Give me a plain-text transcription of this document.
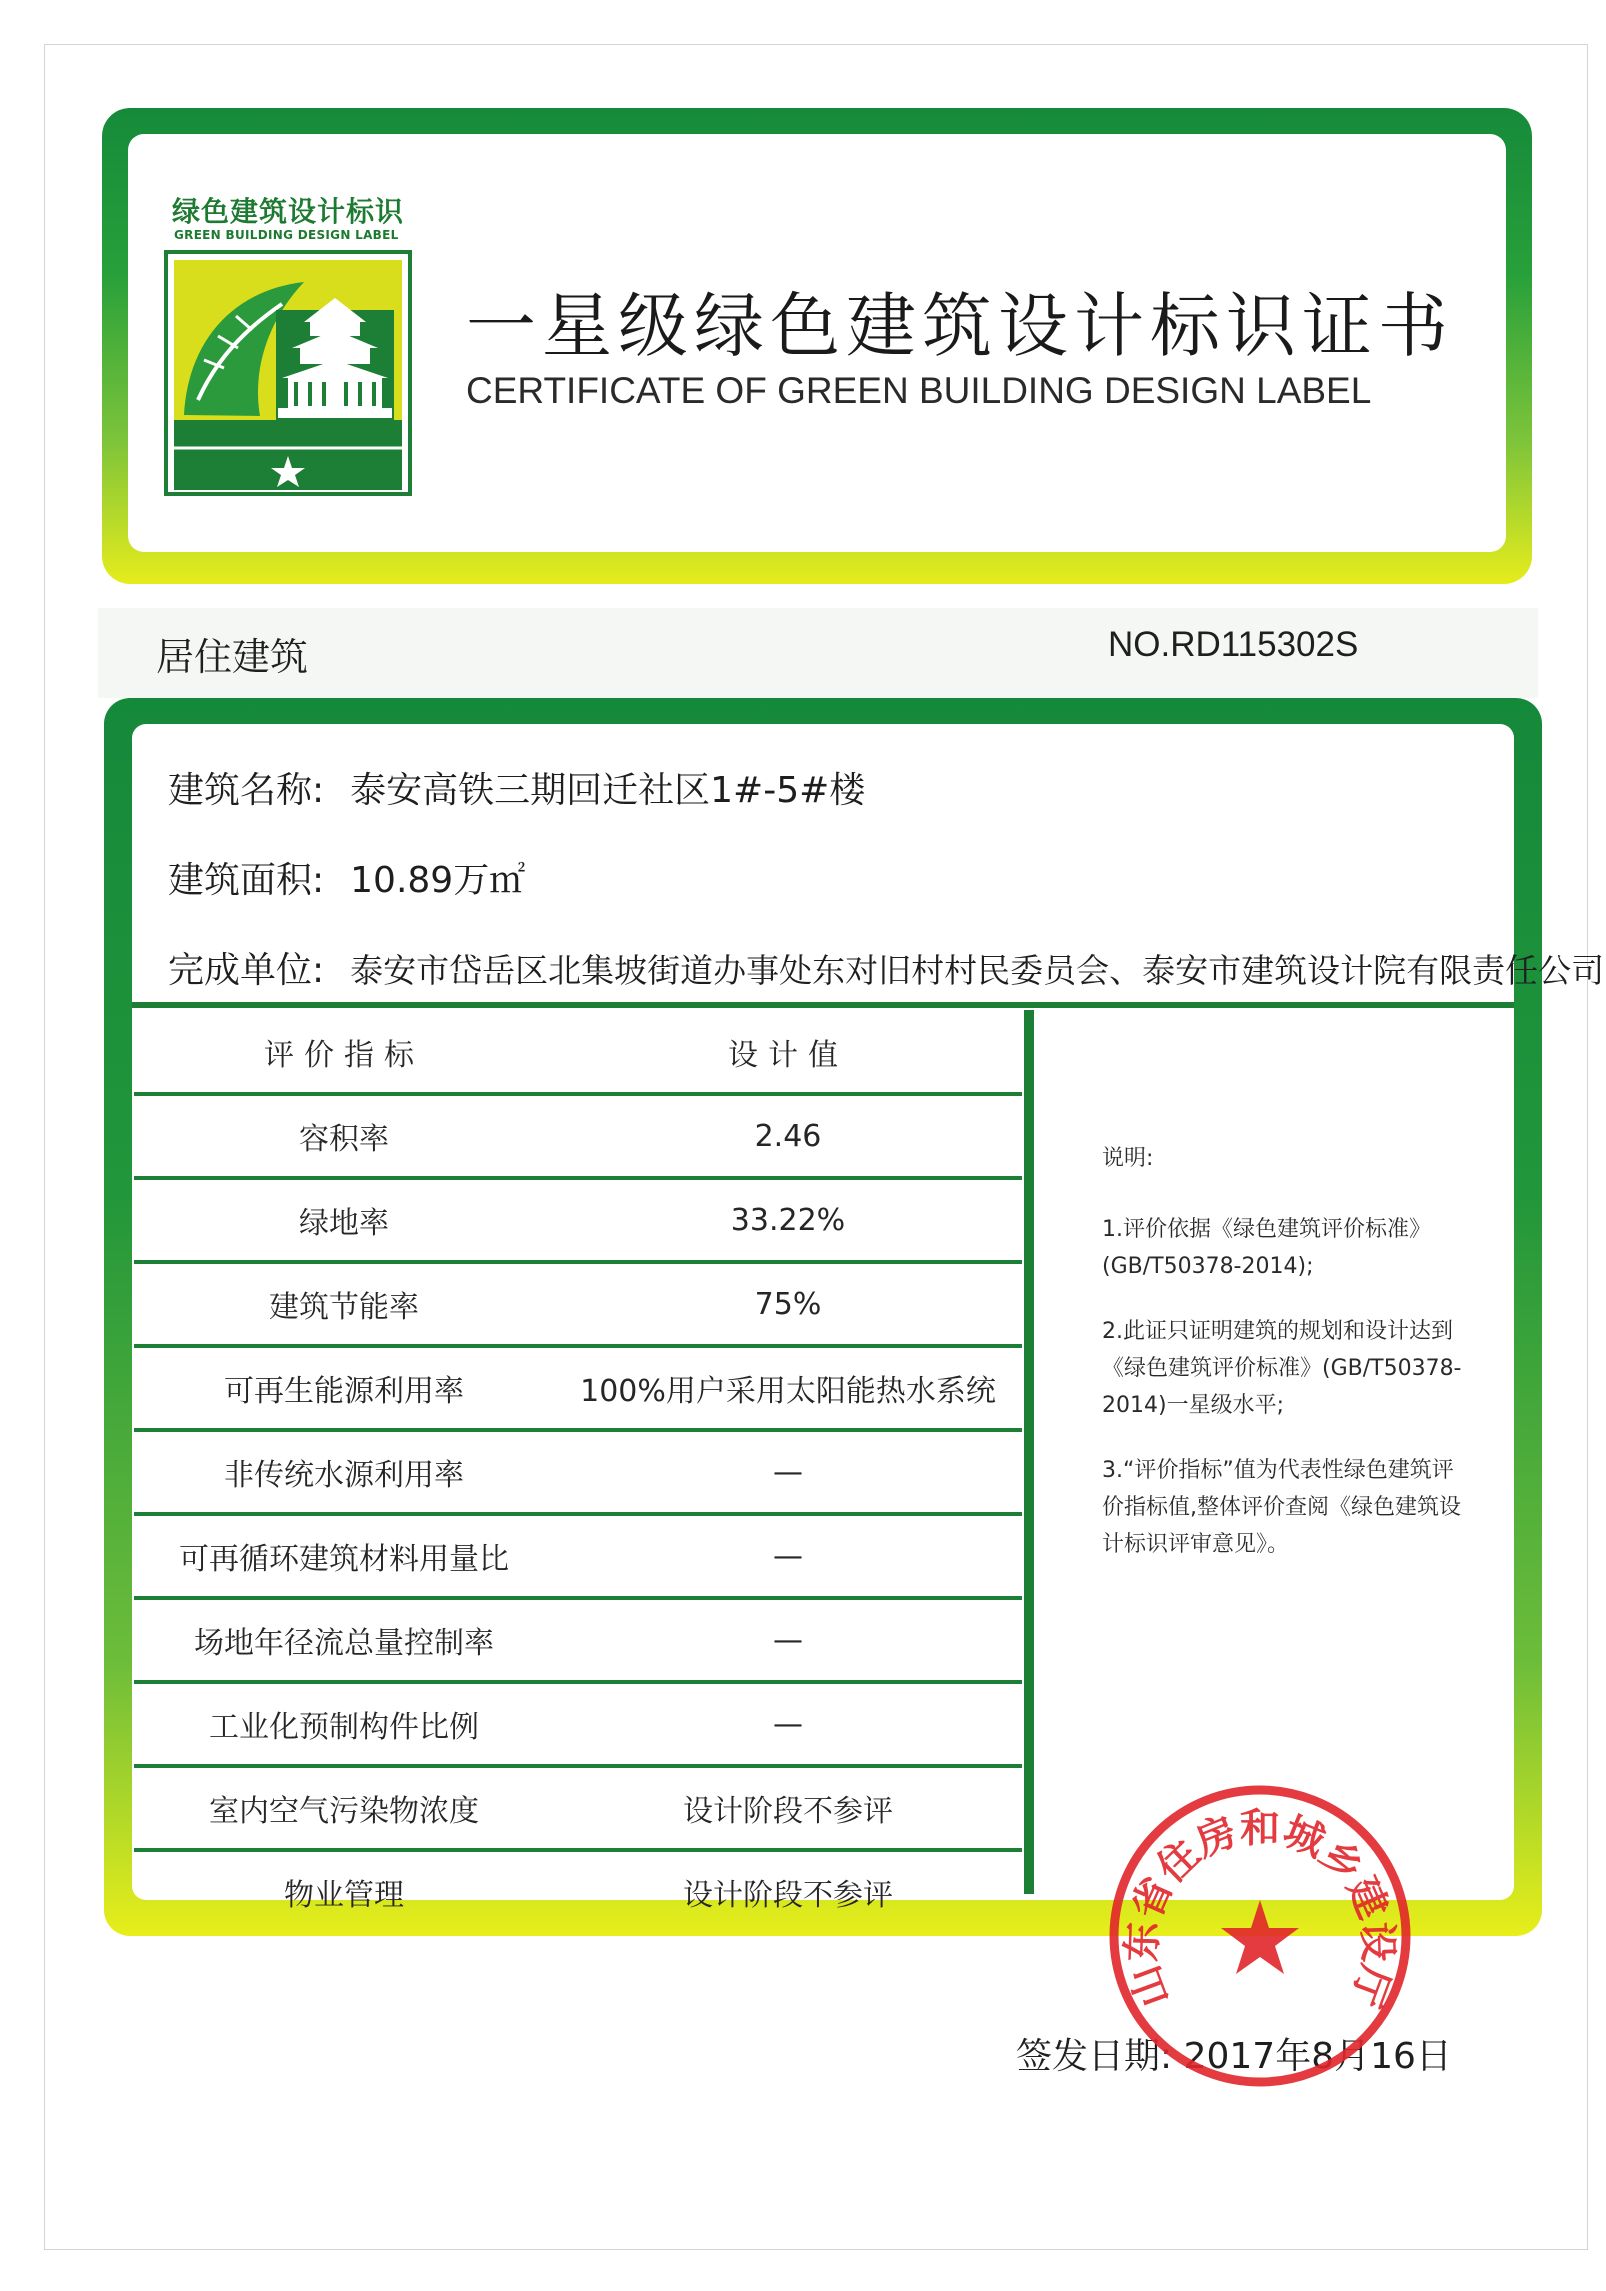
绿色建筑设计标识
GREEN BUILDING DESIGN LABEL
一星级绿色建筑设计标识证书
CERTIFICATE OF GREEN BUILDING DESIGN LABEL
居住建筑	NO.RD115302S
建筑名称: 泰安高铁三期回迁社区1#-5#楼
建筑面积: 10.89万㎡
完成单位: 泰安市岱岳区北集坡街道办事处东对旧村村民委员会、泰安市建筑设计院有限责任公司
评价指标	设计值
容积率	2.46
绿地率	33.22%
建筑节能率	75%
可再生能源利用率	100%用户采用太阳能热水系统
非传统水源利用率	—
可再循环建筑材料用量比	—
场地年径流总量控制率	—
工业化预制构件比例	—
室内空气污染物浓度	设计阶段不参评
物业管理	设计阶段不参评

说明:

1.评价依据《绿色建筑评价标准》(GB/T50378-2014);

2.此证只证明建筑的规划和设计达到《绿色建筑评价标准》(GB/T50378-2014)一星级水平;

3.“评价指标”值为代表性绿色建筑评价指标值,整体评价查阅《绿色建筑设计标识评审意见》。

签发日期: 2017年8月16日
山东省住房和城乡建设厅
